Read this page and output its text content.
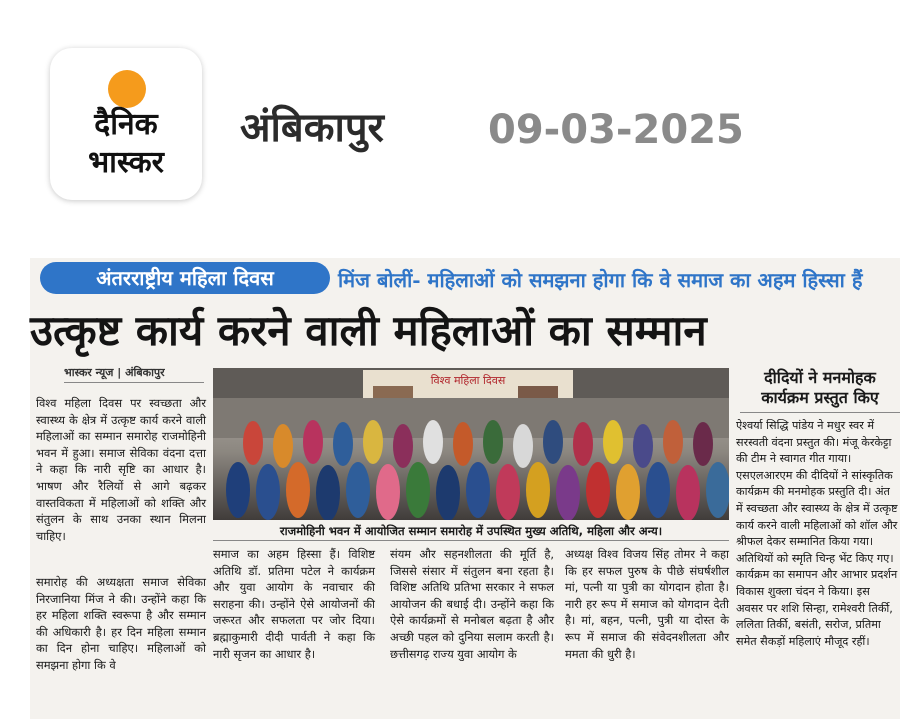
दैनिक
भास्कर
अंबिकापुर	09-03-2025
अंतरराष्ट्रीय महिला दिवस	मिंज बोलीं- महिलाओं को समझना होगा कि वे समाज का अहम हिस्सा हैं
उत्कृष्ट कार्य करने वाली महिलाओं का सम्मान
भास्कर न्यूज | अंबिकापुर

विश्व महिला दिवस पर स्वच्छता और स्वास्थ्य के क्षेत्र में उत्कृष्ट कार्य करने वाली महिलाओं का सम्मान समारोह राजमोहिनी भवन में हुआ। समाज सेविका वंदना दत्ता ने कहा कि नारी सृष्टि का आधार है। भाषण और रैलियों से आगे बढ़कर वास्तविकता में महिलाओं को शक्ति और संतुलन के साथ उनका स्थान मिलना चाहिए।

समारोह की अध्यक्षता समाज सेविका निरजानिया मिंज ने की। उन्होंने कहा कि हर महिला शक्ति स्वरूपा है और सम्मान की अधिकारी है। हर दिन महिला सम्मान का दिन होना चाहिए। महिलाओं को समझना होगा कि वे

विश्व महिला दिवस
राजमोहिनी भवन में आयोजित सम्मान समारोह में उपस्थित मुख्य अतिथि, महिला और अन्य।

समाज का अहम हिस्सा हैं। विशिष्ट अतिथि डॉ. प्रतिमा पटेल ने कार्यक्रम और युवा आयोग के नवाचार की सराहना की। उन्होंने ऐसे आयोजनों की जरूरत और सफलता पर जोर दिया। ब्रह्माकुमारी दीदी पार्वती ने कहा कि नारी सृजन का आधार है।

संयम और सहनशीलता की मूर्ति है, जिससे संसार में संतुलन बना रहता है। विशिष्ट अतिथि प्रतिभा सरकार ने सफल आयोजन की बधाई दी। उन्होंने कहा कि ऐसे कार्यक्रमों से मनोबल बढ़ता है और अच्छी पहल को दुनिया सलाम करती है। छत्तीसगढ़ राज्य युवा आयोग के

अध्यक्ष विश्व विजय सिंह तोमर ने कहा कि हर सफल पुरुष के पीछे संघर्षशील मां, पत्नी या पुत्री का योगदान होता है। नारी हर रूप में समाज को योगदान देती है। मां, बहन, पत्नी, पुत्री या दोस्त के रूप में समाज की संवेदनशीलता और ममता की धुरी है।

दीदियों ने मनमोहक कार्यक्रम प्रस्तुत किए

ऐश्वर्या सिद्धि पांडेय ने मधुर स्वर में सरस्वती वंदना प्रस्तुत की। मंजू केरकेट्टा की टीम ने स्वागत गीत गाया। एसएलआरएम की दीदियों ने सांस्कृतिक कार्यक्रम की मनमोहक प्रस्तुति दी। अंत में स्वच्छता और स्वास्थ्य के क्षेत्र में उत्कृष्ट कार्य करने वाली महिलाओं को शॉल और श्रीफल देकर सम्मानित किया गया। अतिथियों को स्मृति चिन्ह भेंट किए गए। कार्यक्रम का समापन और आभार प्रदर्शन विकास शुक्ला चंदन ने किया। इस अवसर पर शशि सिन्हा, रामेश्वरी तिर्की, ललिता तिर्की, बसंती, सरोज, प्रतिमा समेत सैकड़ों महिलाएं मौजूद रहीं।
